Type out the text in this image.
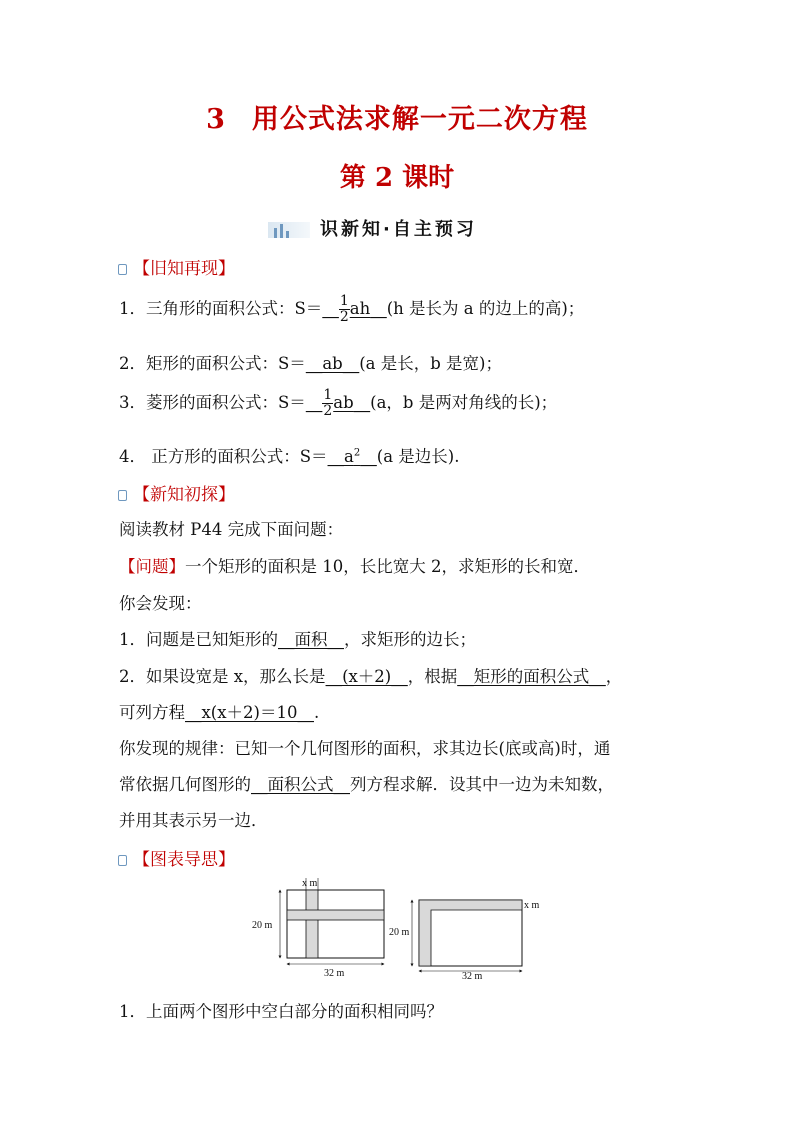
3 用公式法求解一元二次方程
第 2 课时
识新知·自主预习
【旧知再现】
1．三角形的面积公式：S＝__ $\frac{1}{2}$ ah__(h 是长为 a 的边上的高)；
2．矩形的面积公式：S＝__ab__(a 是长，b 是宽)；
3．菱形的面积公式：S＝__ $\frac{1}{2}$ ab__(a，b 是两对角线的长)；
4． 正方形的面积公式：$S=\_\_a^2\_\_(a$ 是边长).
【新知初探】
阅读教材 P44 完成下面问题：
【问题】一个矩形的面积是 10，长比宽大 2，求矩形的长和宽．
你会发现：
1．问题是已知矩形的__面积__，求矩形的边长；
2．如果设宽是 x，那么长是__(x＋2)__，根据__矩形的面积公式__，
可列方程__x(x＋2)＝10__.
你发现的规律：已知一个几何图形的面积，求其边长(底或高)时，通
常依据几何图形的__面积公式__列方程求解．设其中一边为未知数，
并用其表示另一边．
【图表导思】
x m
20 m
32 m
x m
20 m
32 m
1．上面两个图形中空白部分的面积相同吗？
